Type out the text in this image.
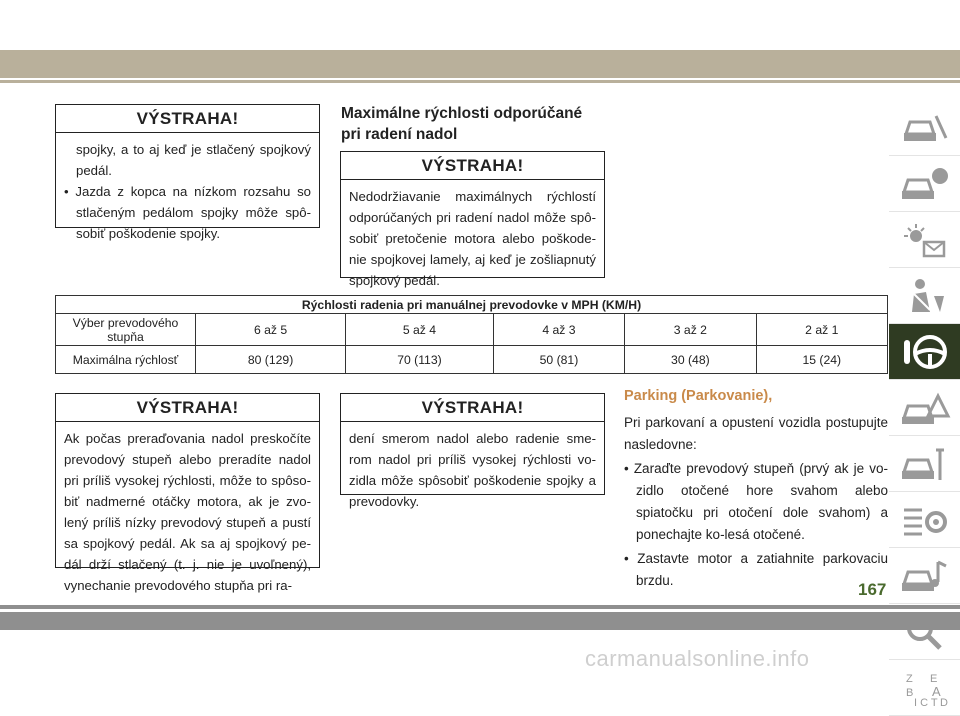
VÝSTRAHA!

spojky, a to aj keď je stlačený spojkový pedál.

• Jazda z kopca na nízkom rozsahu so stlačeným pedálom spojky môže spô-sobiť poškodenie spojky.

Maximálne rýchlosti odporúčané pri radení nadol
VÝSTRAHA!

Nedodržiavanie maximálnych rýchlostí odporúčaných pri radení nadol môže spô-sobiť pretočenie motora alebo poškode-nie spojkovej lamely, aj keď je zošliapnutý spojkový pedál.

Rýchlosti radenia pri manuálnej prevodovke v MPH (KM/H)					
Výber prevodového stupňa	6 až 5	5 až 4	4 až 3	3 až 2	2 až 1
Maximálna rýchlosť	80 (129)	70 (113)	50 (81)	30 (48)	15 (24)
VÝSTRAHA!

Ak počas preraďovania nadol preskočíte prevodový stupeň alebo preradíte nadol pri príliš vysokej rýchlosti, môže to spôso-biť nadmerné otáčky motora, ak je zvo-lený príliš nízky prevodový stupeň a pustí sa spojkový pedál. Ak sa aj spojkový pe-dál drží stlačený (t. j. nie je uvoľnený), vynechanie prevodového stupňa pri ra-

VÝSTRAHA!

dení smerom nadol alebo radenie sme-rom nadol pri príliš vysokej rýchlosti vo-zidla môže spôsobiť poškodenie spojky a prevodovky.

Parking (Parkovanie),

Pri parkovaní a opustení vozidla postupujte nasledovne:

• Zaraďte prevodový stupeň (prvý ak je vo-zidlo otočené hore svahom alebo spiatočku pri otočení dole svahom) a ponechajte ko-lesá otočené.

• Zastavte motor a zatiahnite parkovaciu brzdu.

Z E
B A
I C T D
167
carmanualsonline.info
